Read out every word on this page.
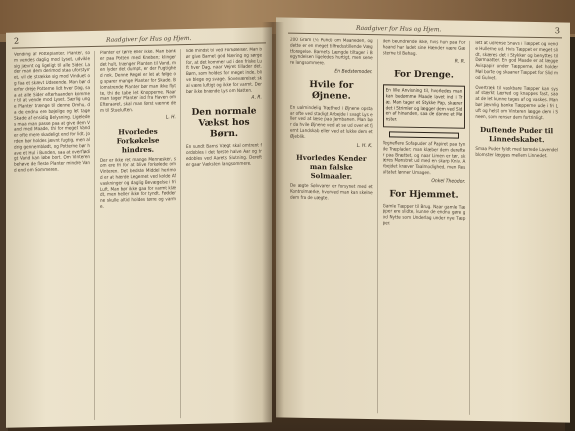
2	Raadgiver for Hus og Hjem.
Vending af Potteplanter. Planter, som vendes daglig mod Lyset, udvikle sig jævnt og ligeligt til alle Sider. Lader man dem derimod staa uforstyrret, vil de strække sig mod Vinduet og faa et skævt Udseende. Man bør derfor dreje Potterne lidt hver Dag, saa at alle Sider efterhaanden kommer til at vende mod Lyset. Særlig unge Planter trænge til denne Omhu, da de endnu ere bøjelige og let tage Skade af ensidig Belysning. Ligeledes maa man passe paa at give dem Vand med Maade, thi for meget Vand er ofte mere skadeligt end for lidt. Jorden bør holdes jævnt fugtig, men aldrig gennemblødt, og Potterne bør have et Hul i Bunden, saa at overflødigt Vand kan løbe bort. Om Vinteren behøve de fleste Planter mindre Vand end om Sommeren.
Planter er tørre eller ikke. Man banker paa Potten med Kneben; klinger det hult, trænger Planten til Vand, men lyder det dumpt, er der Fugtighed nok. Denne Regel er let at følge og sparer mange Planter for Skade. Blomstrende Planter bør man ikke flytte, thi de tabe let Knopperne. Naar man tager Planter ind fra Haven om Efteraaret, skal man først vænne dem til Stueluften.
L. H.
Hvorledes Forkøkelse hindres.
Der er ikke ret mange Mennesker, som ere fri for at blive forkølede om Vinteren. Det bedste Middel herimod er at hærde Legemet ved kolde Afvaskninger og daglig Bevægelse i fri Luft. Man bør ikke gaa for varmt klædt, men heller ikke for tyndt. Fødderne skulle altid holdes tørre og varme.
lide mindst til ved Forkølelser. Man bør give Barnet god Næring og sørge for, at det kommer ud i den friske Luft hver Dag, naar Vejret tillader det. Børn, som holdes for meget inde, blive blege og svage. Soveværelset skal være luftigt og ikke for varmt. Der bør ikke brænde Lys om Natten.
A. R.
Den normale Vækst hos Børn.
En sundt Barns Vægt skal omtrent fordobles i det første halve Aar og tredobles ved Aarets Slutning. Derefter gaar Væksten langsommere.
Raadgiver for Hus og Hjem.	3
200 Gram (½ Pund) om Maaneden, og dette er en meget tilfredsstillende Vægtforøgelse. Barnets Længde tiltager i Begyndelsen ligeledes hurtigt, men senere langsommere.
En Bedstemoder.
Hvile for Øjnene.
En ualmindelig Træthed i Øjnene opstaar ofte ved stadigt Arbejde i svagt Lys eller ved at læse paa Jernbanen. Man bør da hvile Øjnene ved at se ud over et fjernt Landskab eller ved at lukke dem et Øjeblik.
L. H. K.
Hvorledes Kender man falske Solmaaler.
De ægte Sølvvarer er forsynet med et Kontrolmærke, hvorved man kan skelne dem fra de uægte.
den beundrende ikke, hvis hun paa Forhaand har ladet sine Hænder være Gæsterne til Behag.
R. R.
For Drenge.
En lille Anvisning til, hvorledes man kan bedømme Maade lavet ind i Træ. Man tager et Stykke Pap, skærer det i Strimler og lægger dem ved Siden af hinanden, saa de danne et Mønster.
Tegneflere Sofapuder af Papiret paa tynde Træplader; man klæber dem derefter paa Brættet, og naar Limen er tør, skæres Mønstret ud med en skarp Kniv. Arbejdet kræver Taalmodighed, men Resultatet lønner Umagen.
Onkel Theodor.
For Hjemmet.
Gamle Tæpper til Brug. Naar gamle Tæpper ere slidte, kunne de endnu gøre god Nytte som Underlag under nye Tæpper.
lett at udrense Snavs i Tæppet og vende Hullerne ud. Hvis Tæppet er meget slidt, skæres det i Stykker og benyttes til Dørmaatter. En god Maade er at lægge Avispapir under Tæpperne, det holder Møl borte og skaaner Tæppet for Slid mod Gulvet.
Overtræk til vaskbare Tæpper kan sys af stærkt Lærred og knappes fast, saa at de let kunne tages af og vaskes. Man bør jævnlig banke Tæpperne ude i fri Luft og helst om Vinteren lægge dem i Sneen, som renser dem fortrinligt.
Duftende Puder til Linnedskabet.
Smaa Puder fyldt med tørrede Lavendelblomster lægges mellem Linnedet.
